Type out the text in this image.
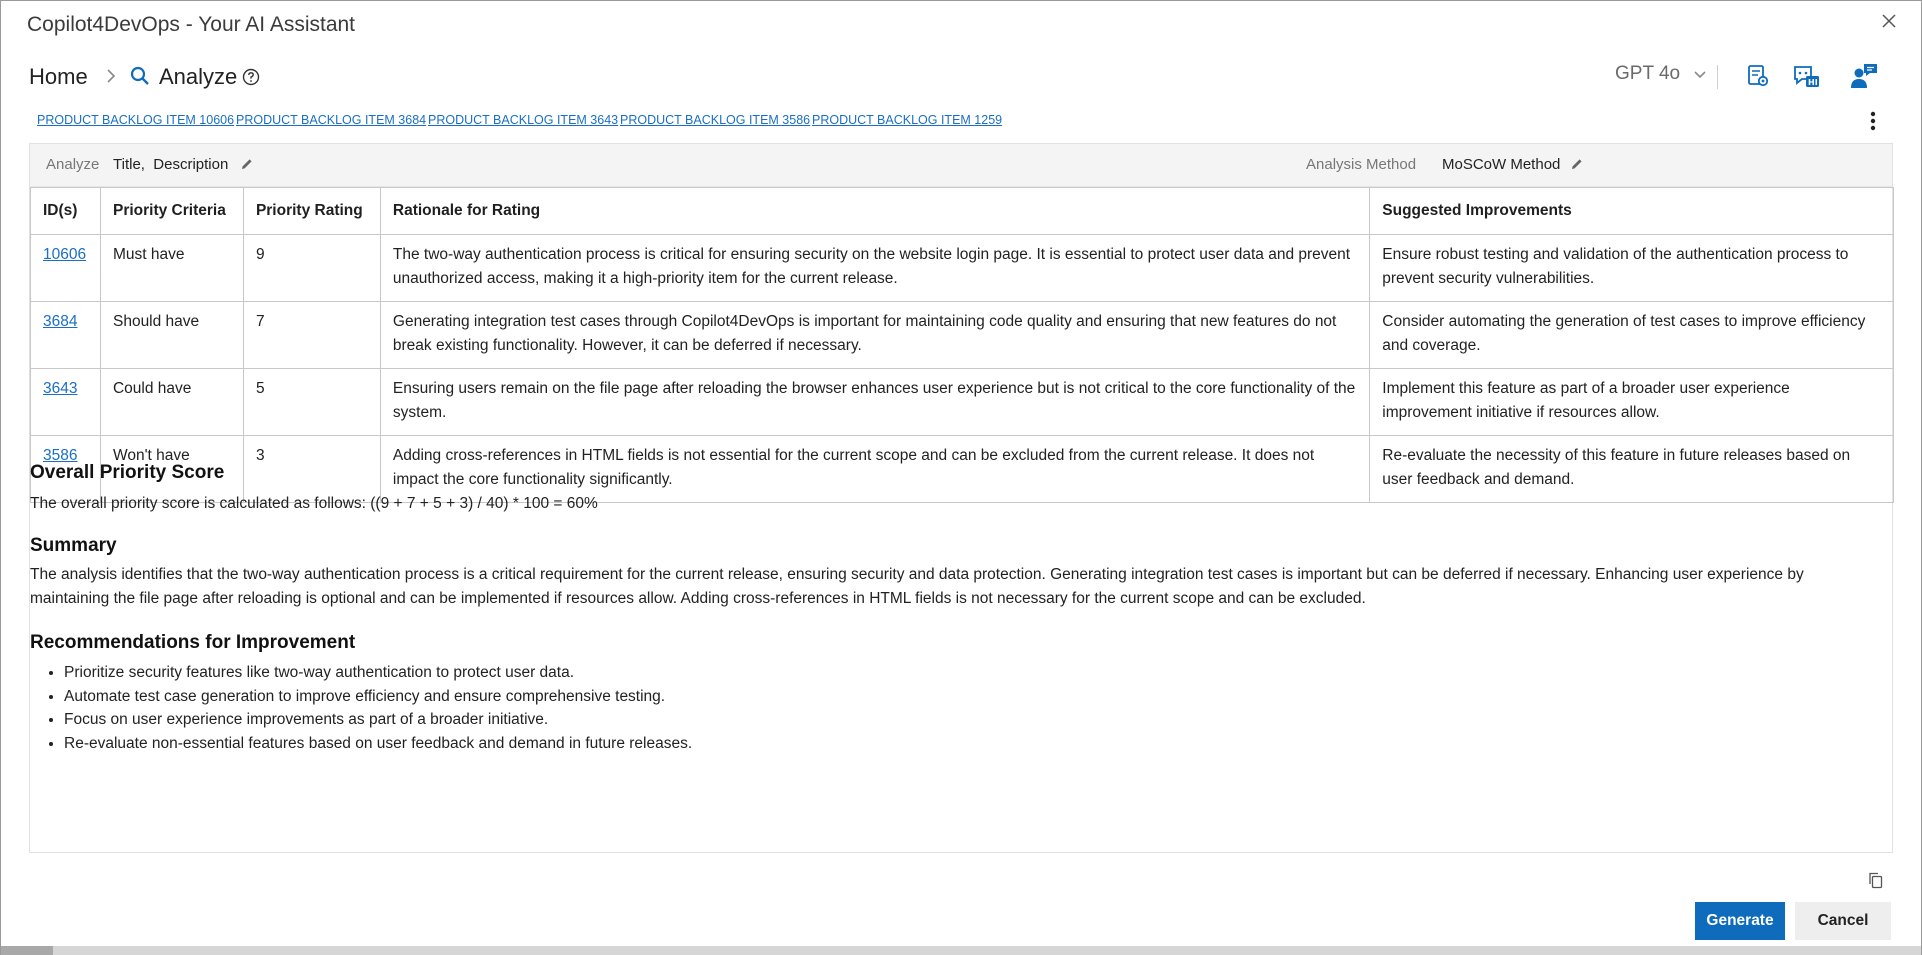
Copilot4DevOps - Your AI Assistant
Home	Analyze	GPT 4o	HI
PRODUCT BACKLOG ITEM 10606 PRODUCT BACKLOG ITEM 3684 PRODUCT BACKLOG ITEM 3643 PRODUCT BACKLOG ITEM 3586 PRODUCT BACKLOG ITEM 1259
Analyze Title,  Description	Analysis Method MoSCoW Method
ID(s)	Priority Criteria	Priority Rating	Rationale for Rating	Suggested Improvements
10606	Must have	9	The two-way authentication process is critical for ensuring security on the website login page. It is essential to protect user data and prevent unauthorized access, making it a high-priority item for the current release.	Ensure robust testing and validation of the authentication process to prevent security vulnerabilities.
3684	Should have	7	Generating integration test cases through Copilot4DevOps is important for maintaining code quality and ensuring that new features do not break existing functionality. However, it can be deferred if necessary.	Consider automating the generation of test cases to improve efficiency and coverage.
3643	Could have	5	Ensuring users remain on the file page after reloading the browser enhances user experience but is not critical to the core functionality of the system.	Implement this feature as part of a broader user experience improvement initiative if resources allow.
3586	Won't have	3	Adding cross-references in HTML fields is not essential for the current scope and can be excluded from the current release. It does not impact the core functionality significantly.	Re-evaluate the necessity of this feature in future releases based on user feedback and demand.
Overall Priority Score

The overall priority score is calculated as follows: ((9 + 7 + 5 + 3) / 40) * 100 = 60%

Summary

The analysis identifies that the two-way authentication process is a critical requirement for the current release, ensuring security and data protection. Generating integration test cases is important but can be deferred if necessary. Enhancing user experience by maintaining the file page after reloading is optional and can be implemented if resources allow. Adding cross-references in HTML fields is not necessary for the current scope and can be excluded.

Recommendations for Improvement
• Prioritize security features like two-way authentication to protect user data.
• Automate test case generation to improve efficiency and ensure comprehensive testing.
• Focus on user experience improvements as part of a broader initiative.
• Re-evaluate non-essential features based on user feedback and demand in future releases.
Generate	Cancel
